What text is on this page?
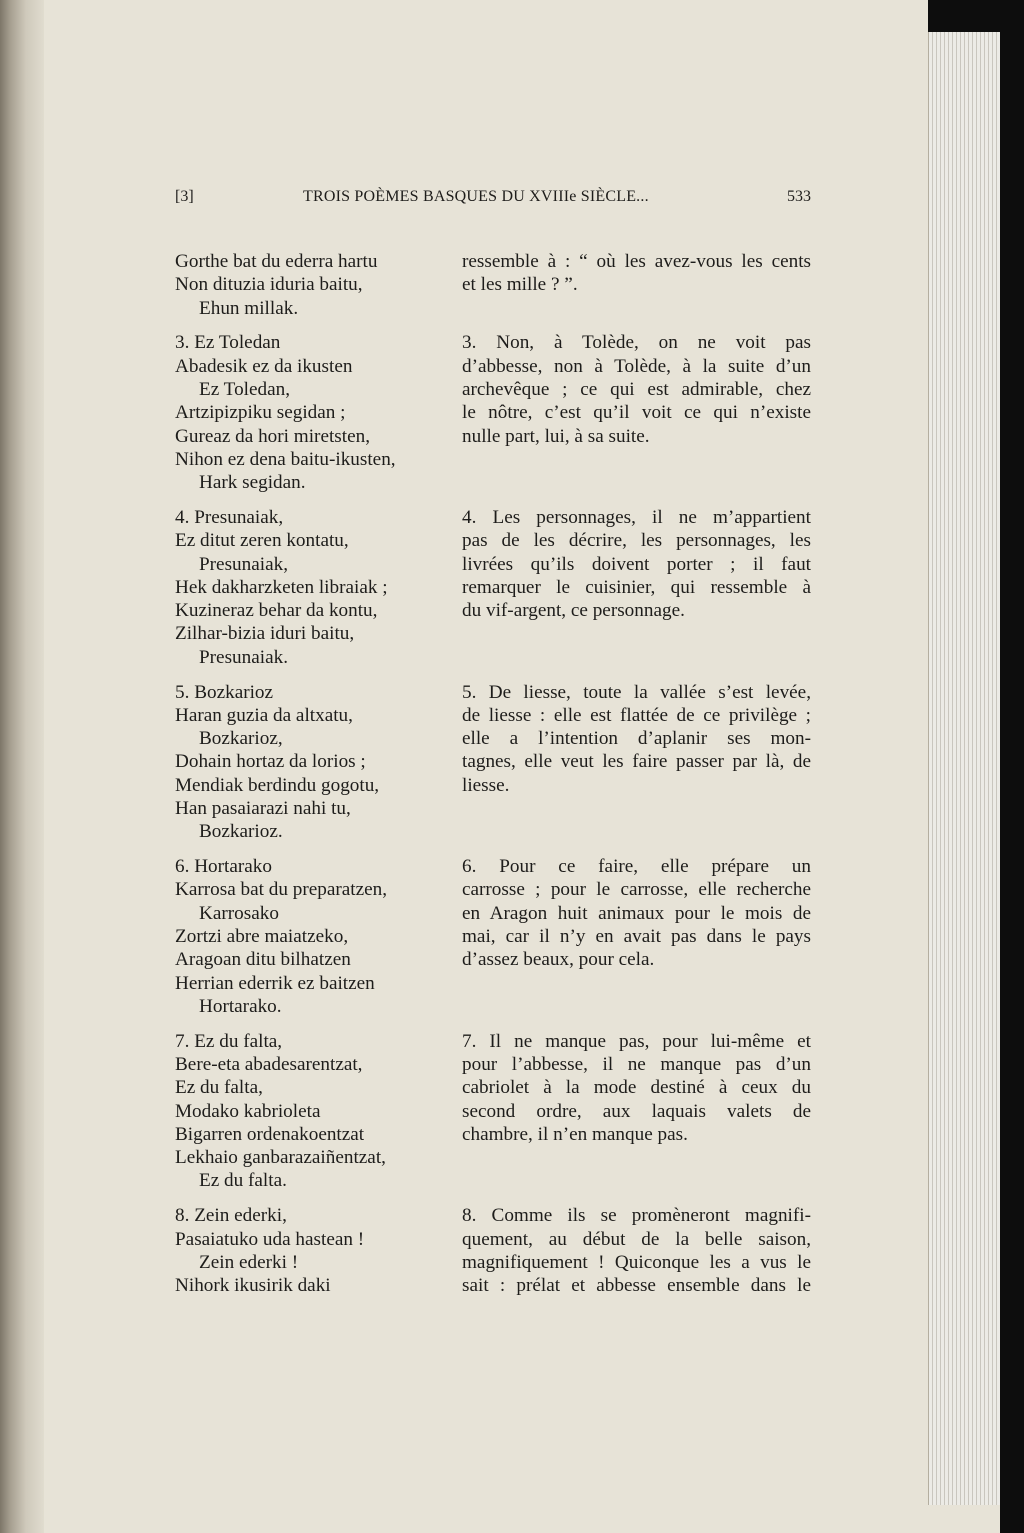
[3]	TROIS POÈMES BASQUES DU XVIIIe SIÈCLE...	533
Gorthe bat du ederra hartu
Non dituzia iduria baitu,
Ehun millak.
ressemble à : “ où les avez-vous les cents
et les mille ? ”.
3. Ez Toledan
Abadesik ez da ikusten
Ez Toledan,
Artzipizpiku segidan ;
Gureaz da hori miretsten,
Nihon ez dena baitu-ikusten,
Hark segidan.
3. Non, à Tolède, on ne voit pas
d’abbesse, non à Tolède, à la suite d’un
archevêque ; ce qui est admirable, chez
le nôtre, c’est qu’il voit ce qui n’existe
nulle part, lui, à sa suite.
4. Presunaiak,
Ez ditut zeren kontatu,
Presunaiak,
Hek dakharzketen libraiak ;
Kuzineraz behar da kontu,
Zilhar-bizia iduri baitu,
Presunaiak.
4. Les personnages, il ne m’appartient
pas de les décrire, les personnages, les
livrées qu’ils doivent porter ; il faut
remarquer le cuisinier, qui ressemble à
du vif-argent, ce personnage.
5. Bozkarioz
Haran guzia da altxatu,
Bozkarioz,
Dohain hortaz da lorios ;
Mendiak berdindu gogotu,
Han pasaiarazi nahi tu,
Bozkarioz.
5. De liesse, toute la vallée s’est levée,
de liesse : elle est flattée de ce privilège ;
elle a l’intention d’aplanir ses mon-
tagnes, elle veut les faire passer par là, de
liesse.
6. Hortarako
Karrosa bat du preparatzen,
Karrosako
Zortzi abre maiatzeko,
Aragoan ditu bilhatzen
Herrian ederrik ez baitzen
Hortarako.
6. Pour ce faire, elle prépare un
carrosse ; pour le carrosse, elle recherche
en Aragon huit animaux pour le mois de
mai, car il n’y en avait pas dans le pays
d’assez beaux, pour cela.
7. Ez du falta,
Bere-eta abadesarentzat,
Ez du falta,
Modako kabrioleta
Bigarren ordenakoentzat
Lekhaio ganbarazaiñentzat,
Ez du falta.
7. Il ne manque pas, pour lui-même et
pour l’abbesse, il ne manque pas d’un
cabriolet à la mode destiné à ceux du
second ordre, aux laquais valets de
chambre, il n’en manque pas.
8. Zein ederki,
Pasaiatuko uda hastean !
Zein ederki !
Nihork ikusirik daki
8. Comme ils se promèneront magnifi-
quement, au début de la belle saison,
magnifiquement ! Quiconque les a vus le
sait : prélat et abbesse ensemble dans le
